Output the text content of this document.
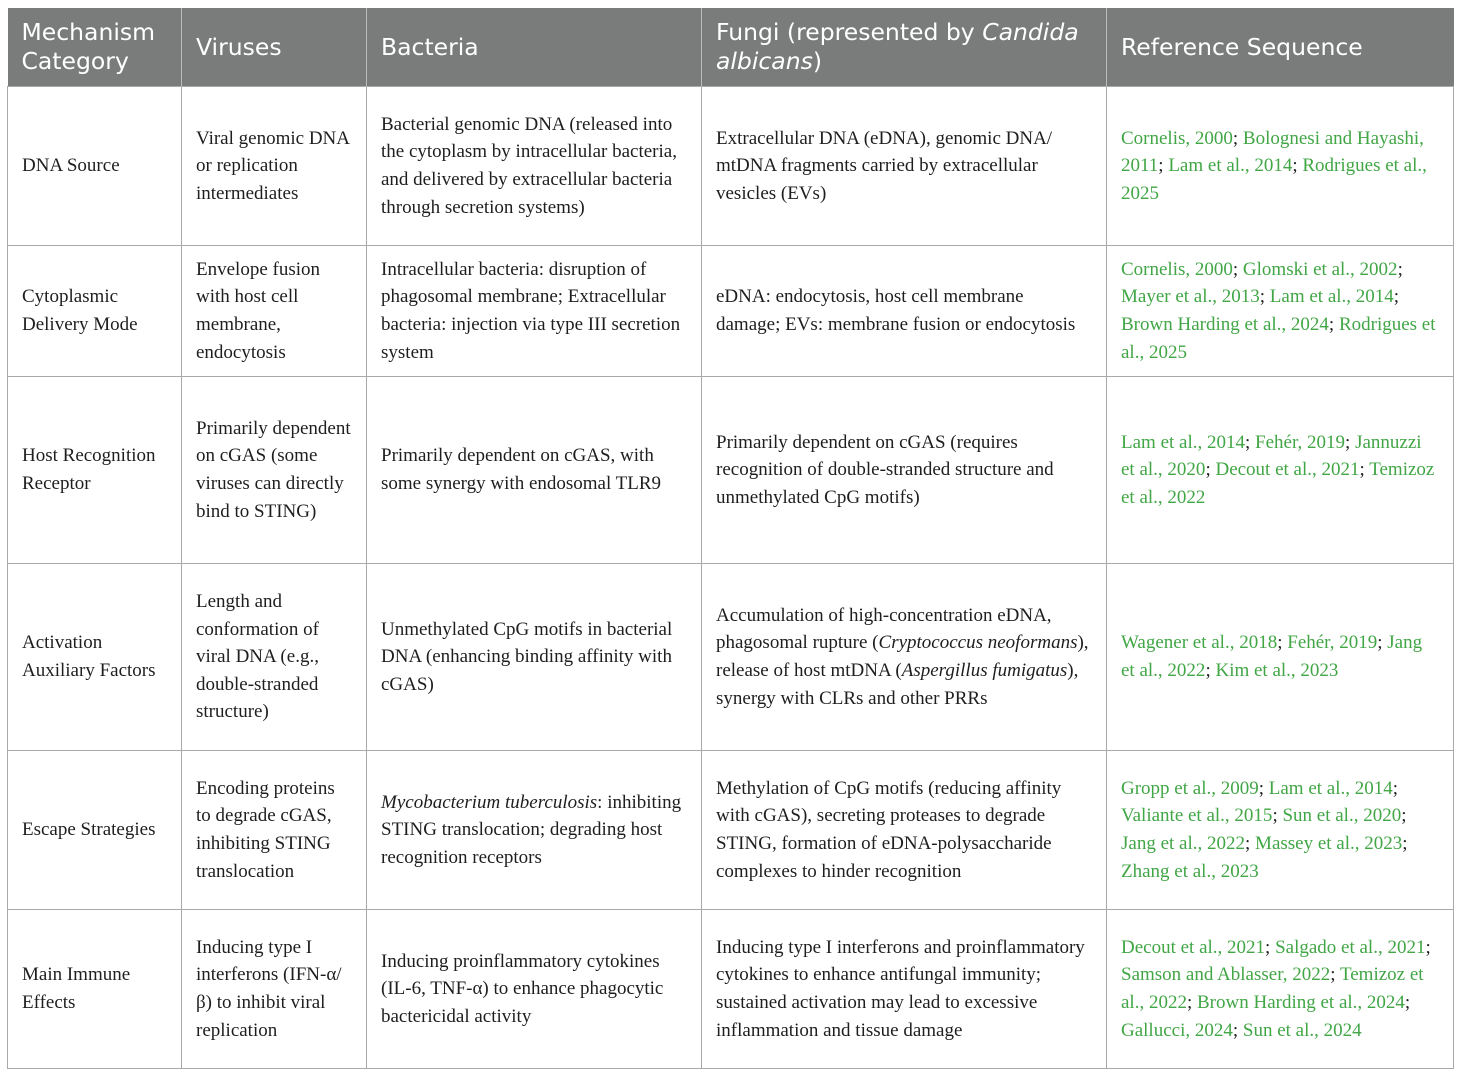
Mechanism Category	Viruses	Bacteria	Fungi (represented by Candida albicans)	Reference Sequence
DNA Source	Viral genomic DNA or replication intermediates	Bacterial genomic DNA (released into the cytoplasm by intracellular bacteria, and delivered by extracellular bacteria through secretion systems)	Extracellular DNA (eDNA), genomic DNA/ mtDNA fragments carried by extracellular vesicles (EVs)	Cornelis, 2000; Bolognesi and Hayashi, 2011; Lam et al., 2014; Rodrigues et al., 2025
Cytoplasmic Delivery Mode	Envelope fusion with host cell membrane, endocytosis	Intracellular bacteria: disruption of phagosomal membrane; Extracellular bacteria: injection via type III secretion system	eDNA: endocytosis, host cell membrane damage; EVs: membrane fusion or endocytosis	Cornelis, 2000; Glomski et al., 2002; Mayer et al., 2013; Lam et al., 2014; Brown Harding et al., 2024; Rodrigues et al., 2025
Host Recognition Receptor	Primarily dependent on cGAS (some viruses can directly bind to STING)	Primarily dependent on cGAS, with some synergy with endosomal TLR9	Primarily dependent on cGAS (requires recognition of double-stranded structure and unmethylated CpG motifs)	Lam et al., 2014; Fehér, 2019; Jannuzzi et al., 2020; Decout et al., 2021; Temizoz et al., 2022
Activation Auxiliary Factors	Length and conformation of viral DNA (e.g., double-stranded structure)	Unmethylated CpG motifs in bacterial DNA (enhancing binding affinity with cGAS)	Accumulation of high-concentration eDNA, phagosomal rupture (Cryptococcus neoformans), release of host mtDNA (Aspergillus fumigatus), synergy with CLRs and other PRRs	Wagener et al., 2018; Fehér, 2019; Jang et al., 2022; Kim et al., 2023
Escape Strategies	Encoding proteins to degrade cGAS, inhibiting STING translocation	Mycobacterium tuberculosis: inhibiting STING translocation; degrading host recognition receptors	Methylation of CpG motifs (reducing affinity with cGAS), secreting proteases to degrade STING, formation of eDNA-polysaccharide complexes to hinder recognition	Gropp et al., 2009; Lam et al., 2014; Valiante et al., 2015; Sun et al., 2020; Jang et al., 2022; Massey et al., 2023; Zhang et al., 2023
Main Immune Effects	Inducing type I interferons (IFN-α/β) to inhibit viral replication	Inducing proinflammatory cytokines (IL-6, TNF-α) to enhance phagocytic bactericidal activity	Inducing type I interferons and proinflammatory cytokines to enhance antifungal immunity; sustained activation may lead to excessive inflammation and tissue damage	Decout et al., 2021; Salgado et al., 2021; Samson and Ablasser, 2022; Temizoz et al., 2022; Brown Harding et al., 2024; Gallucci, 2024; Sun et al., 2024
